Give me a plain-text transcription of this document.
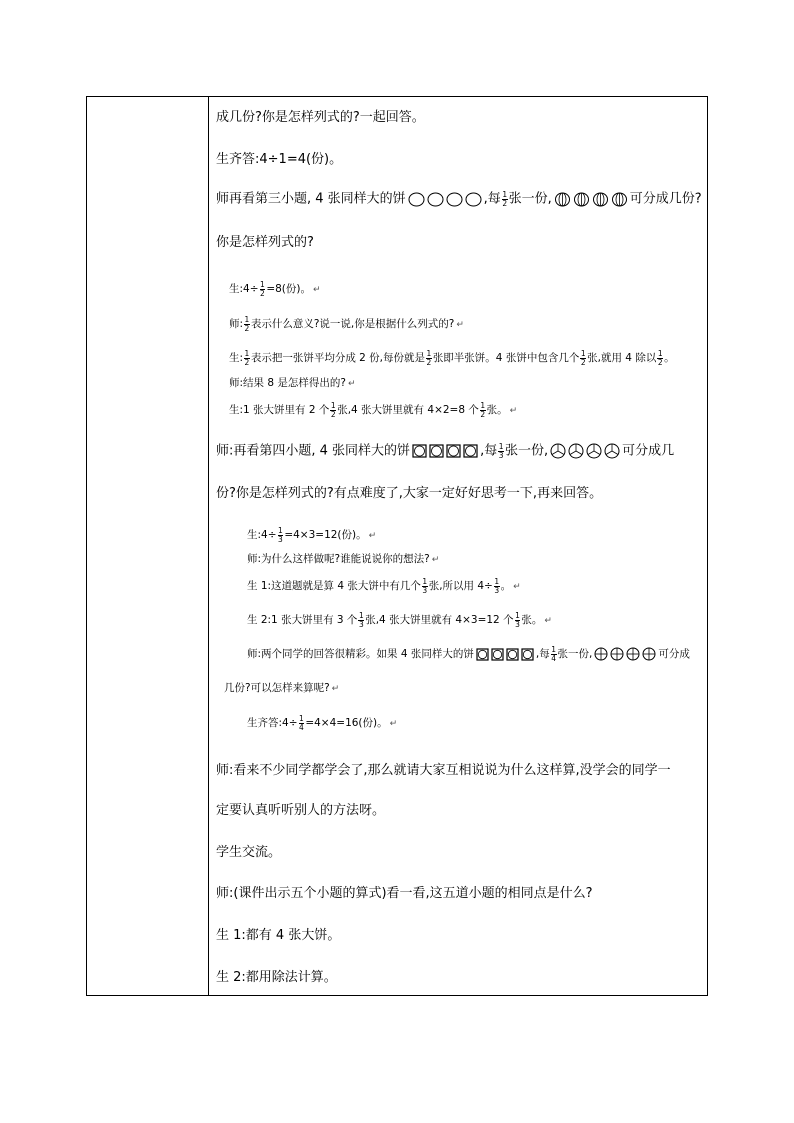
成几份?你是怎样列式的?一起回答。
生齐答:4÷1=4(份)。
师再看第三小题, 4 张同样大的饼	,每 $\frac{1}{2}$ 张一份,	可分成几份?
你是怎样列式的?
生:4÷ $\frac{1}{2} =8$(份)。 ↵
师: $\frac{1}{2}$ 表示什么意义?说一说,你是根据什么列式的? ↵
生: $\frac{1}{2}$ 表示把一张饼平均分成 2 份,每份就是 $\frac{1}{2}$ 张即半张饼。4 张饼中包含几个 $\frac{1}{2}$ 张,就用 4 除以 $\frac{1}{2}$ 。
师:结果 8 是怎样得出的? ↵
生:1 张大饼里有 2 个 $\frac{1}{2}$ 张,4 张大饼里就有 4×2=8 个 $\frac{1}{2}$ 张。 ↵
师:再看第四小题, 4 张同样大的饼	,每 $\frac{1}{3}$ 张一份,	可分成几
份?你是怎样列式的?有点难度了,大家一定好好思考一下,再来回答。
生:4÷ $\frac{1}{3} =4\times 3=12$(份)。 ↵
师:为什么这样做呢?谁能说说你的想法? ↵
生 1:这道题就是算 4 张大饼中有几个 $\frac{1}{3}$ 张,所以用 $4\div \frac{1}{3}$ 。 ↵
生 2:1 张大饼里有 3 个 $\frac{1}{3}$ 张,4 张大饼里就有 4×3=12 个 $\frac{1}{3}$ 张。 ↵
师:两个同学的回答很精彩。如果 4 张同样大的饼	,每 $\frac{1}{4}$ 张一份,	可分成
几份?可以怎样来算呢? ↵
生齐答:4÷ $\frac{1}{4} =4\times 4=16$(份)。 ↵
师:看来不少同学都学会了,那么就请大家互相说说为什么这样算,没学会的同学一
定要认真听听别人的方法呀。
学生交流。
师:(课件出示五个小题的算式)看一看,这五道小题的相同点是什么?
生 1:都有 4 张大饼。
生 2:都用除法计算。
